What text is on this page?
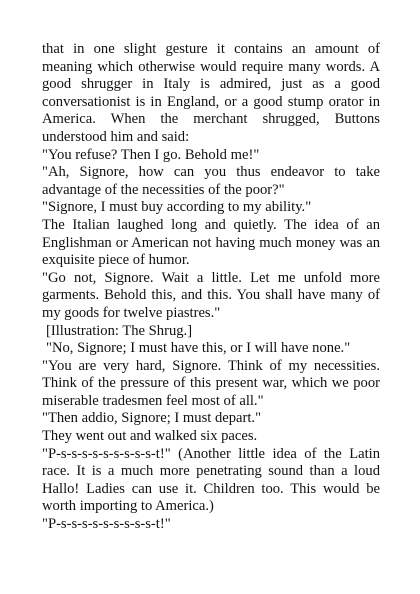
that in one slight gesture it contains an amount of meaning which otherwise would require many words. A good shrugger in Italy is admired, just as a good conversationist is in England, or a good stump orator in America. When the merchant shrugged, Buttons understood him and said:

"You refuse? Then I go. Behold me!"

"Ah, Signore, how can you thus endeavor to take advantage of the necessities of the poor?"

"Signore, I must buy according to my ability."

The Italian laughed long and quietly. The idea of an Englishman or American not having much money was an exquisite piece of humor.

"Go not, Signore. Wait a little. Let me unfold more garments. Behold this, and this. You shall have many of my goods for twelve piastres."

[Illustration: The Shrug.]

"No, Signore; I must have this, or I will have none."

"You are very hard, Signore. Think of my necessities. Think of the pressure of this present war, which we poor miserable tradesmen feel most of all."

"Then addio, Signore; I must depart."

They went out and walked six paces.

"P-s-s-s-s-s-s-s-s-s-t!" (Another little idea of the Latin race. It is a much more penetrating sound than a loud Hallo! Ladies can use it. Children too. This would be worth importing to America.)

"P-s-s-s-s-s-s-s-s-s-t!"
